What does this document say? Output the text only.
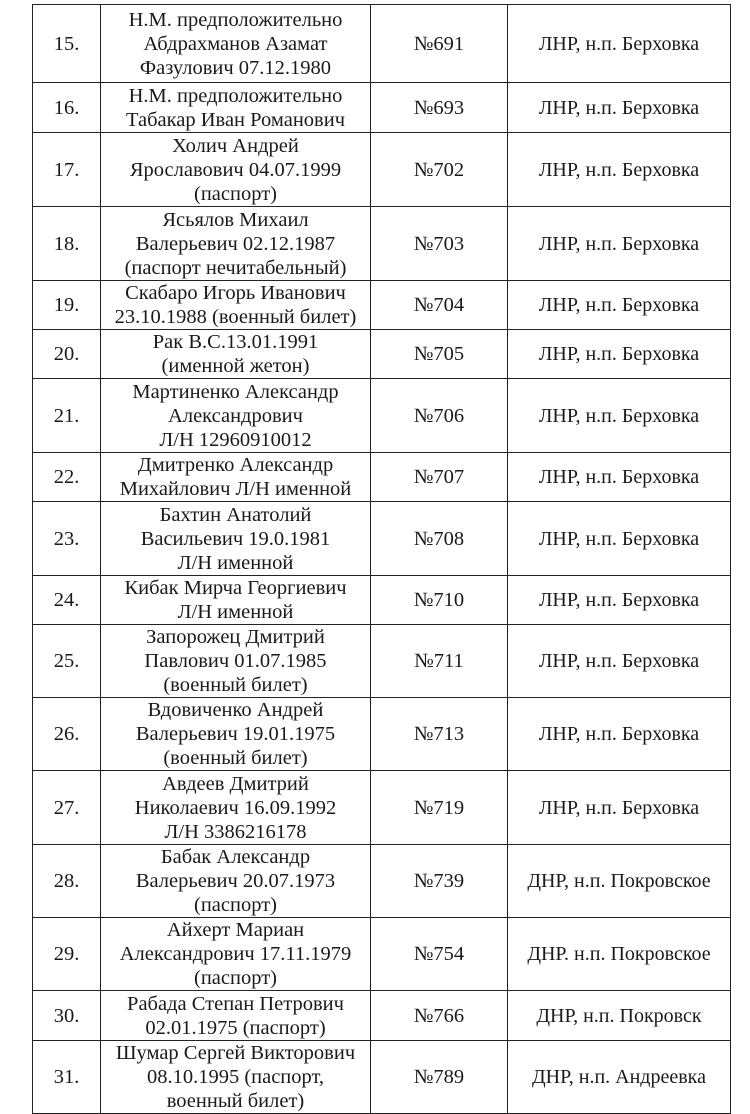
15.	Н.М. предположительно
Абдрахманов Азамат
Фазулович 07.12.1980	№691	ЛНР, н.п. Берховка
16.	Н.М. предположительно
Табакар Иван Романович	№693	ЛНР, н.п. Берховка
17.	Холич Андрей
Ярославович 04.07.1999
(паспорт)	№702	ЛНР, н.п. Берховка
18.	Ясьялов Михаил
Валерьевич 02.12.1987
(паспорт нечитабельный)	№703	ЛНР, н.п. Берховка
19.	Скабаро Игорь Иванович
23.10.1988 (военный билет)	№704	ЛНР, н.п. Берховка
20.	Рак В.С.13.01.1991
(именной жетон)	№705	ЛНР, н.п. Берховка
21.	Мартиненко Александр
Александрович
Л/Н 12960910012	№706	ЛНР, н.п. Берховка
22.	Дмитренко Александр
Михайлович Л/Н именной	№707	ЛНР, н.п. Берховка
23.	Бахтин Анатолий
Васильевич 19.0.1981
Л/Н именной	№708	ЛНР, н.п. Берховка
24.	Кибак Мирча Георгиевич
Л/Н именной	№710	ЛНР, н.п. Берховка
25.	Запорожец Дмитрий
Павлович 01.07.1985
(военный билет)	№711	ЛНР, н.п. Берховка
26.	Вдовиченко Андрей
Валерьевич 19.01.1975
(военный билет)	№713	ЛНР, н.п. Берховка
27.	Авдеев Дмитрий
Николаевич 16.09.1992
Л/Н 3386216178	№719	ЛНР, н.п. Берховка
28.	Бабак Александр
Валерьевич 20.07.1973
(паспорт)	№739	ДНР, н.п. Покровское
29.	Айхерт Мариан
Александрович 17.11.1979
(паспорт)	№754	ДНР. н.п. Покровское
30.	Рабада Степан Петрович
02.01.1975 (паспорт)	№766	ДНР, н.п. Покровск
31.	Шумар Сергей Викторович
08.10.1995 (паспорт,
военный билет)	№789	ДНР, н.п. Андреевка
